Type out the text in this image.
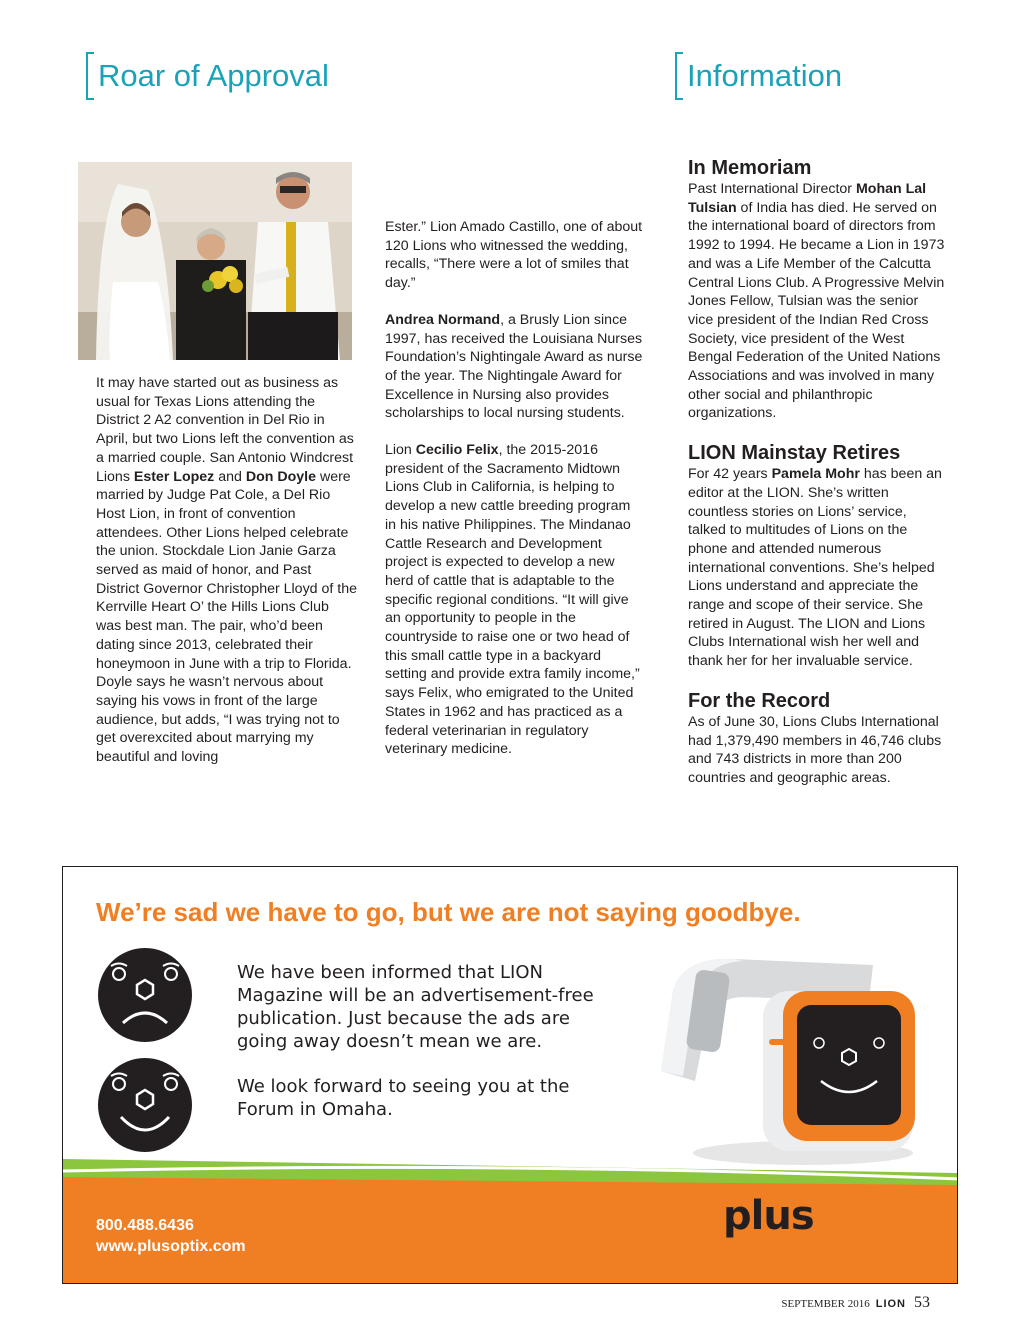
Roar of Approval	Information

It may have started out as business as usual for Texas Lions attending the District 2 A2 convention in Del Rio in April, but two Lions left the convention as a married couple. San Antonio Windcrest Lions Ester Lopez and Don Doyle were married by Judge Pat Cole, a Del Rio Host Lion, in front of convention attendees. Other Lions helped celebrate the union. Stockdale Lion Janie Garza served as maid of honor, and Past District Governor Christopher Lloyd of the Kerrville Heart O’ the Hills Lions Club was best man. The pair, who’d been dating since 2013, celebrated their honeymoon in June with a trip to Florida. Doyle says he wasn’t nervous about saying his vows in front of the large audience, but adds, “I was trying not to get overexcited about marrying my beautiful and loving

Ester.” Lion Amado Castillo, one of about 120 Lions who witnessed the wedding, recalls, “There were a lot of smiles that day.”

Andrea Normand, a Brusly Lion since 1997, has received the Louisiana Nurses Foundation’s Nightingale Award as nurse of the year. The Nightingale Award for Excellence in Nursing also provides scholarships to local nursing students.

Lion Cecilio Felix, the 2015-2016 president of the Sacramento Midtown Lions Club in California, is helping to develop a new cattle breeding program in his native Philippines. The Mindanao Cattle Research and Development project is expected to develop a new herd of cattle that is adaptable to the specific regional conditions. “It will give an opportunity to people in the countryside to raise one or two head of this small cattle type in a backyard setting and provide extra family income,” says Felix, who emigrated to the United States in 1962 and has practiced as a federal veterinarian in regulatory veterinary medicine.

In Memoriam

Past International Director Mohan Lal Tulsian of India has died. He served on the international board of directors from 1992 to 1994. He became a Lion in 1973 and was a Life Member of the Calcutta Central Lions Club. A Progressive Melvin Jones Fellow, Tulsian was the senior vice president of the Indian Red Cross Society, vice president of the West Bengal Federation of the United Nations Associations and was involved in many other social and philanthropic organizations.

LION Mainstay Retires

For 42 years Pamela Mohr has been an editor at the LION. She’s written countless stories on Lions’ service, talked to multitudes of Lions on the phone and attended numerous international conventions. She’s helped Lions understand and appreciate the range and scope of their service. She retired in August. The LION and Lions Clubs International wish her well and thank her for her invaluable service.

For the Record

As of June 30, Lions Clubs International had 1,379,490 members in 46,746 clubs and 743 districts in more than 200 countries and geographic areas.

We’re sad we have to go, but we are not saying goodbye.

We have been informed that LION Magazine will be an advertisement-free publication. Just because the ads are going away doesn’t mean we are.

We look forward to seeing you at the Forum in Omaha.

800.488.6436
www.plusoptix.com
plusoptix
SEPTEMBER 2016 LION 53
